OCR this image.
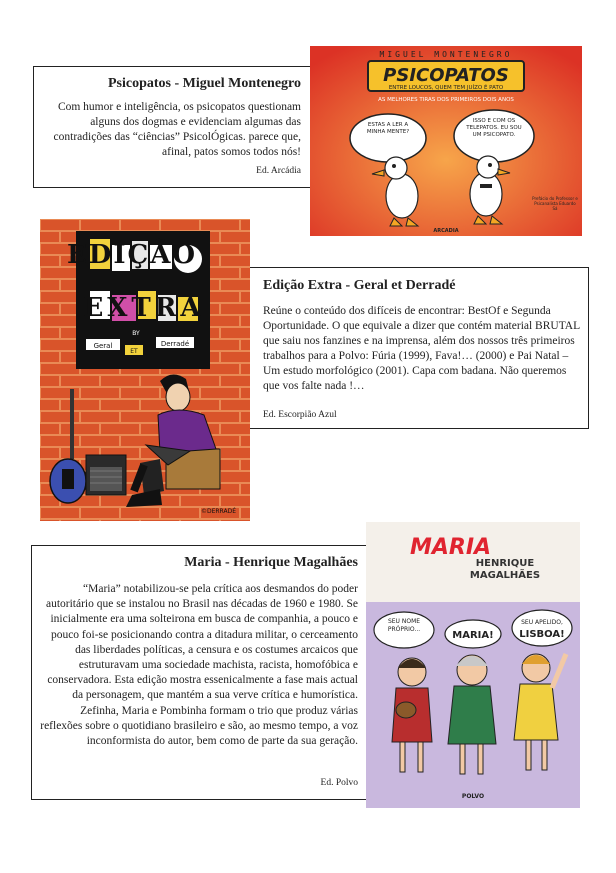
Psicopatos - Miguel Montenegro
Com humor e inteligência, os psicopatos questionam alguns dos dogmas e evidenciam algumas das contradições das “ciências” PsicolÓgicas. parece que, afinal, patos somos todos nós!
Ed. Arcádia
MIGUEL MONTENEGRO
PSICOPATOS
ENTRE LOUCOS, QUEM TEM JUÍZO É PATO
AS MELHORES TIRAS DOS PRIMEIROS DOIS ANOS
ESTÁS A LER A MINHA MENTE?
ISSO E COM OS TELEPATOS. EU SOU UM PSICOPATO.
Prefácio do Professor e Psicanalista Eduardo Sá
ARCADIA
Edição Extra - Geral et Derradé
Reúne o conteúdo dos difíceis de encontrar: BestOf e Segunda Oportunidade. O que equivale a dizer que contém material BRUTAL que saiu nos fanzines e na imprensa, além dos nossos três primeiros trabalhos para a Polvo: Fúria (1999), Fava!… (2000) e Pai Natal – Um estudo morfológico (2001). Capa com badana. Não queremos que vos falte nada !…
Ed. Escorpião Azul
EDIÇÃO
EXTRA
BY
Geral
ET
Derradé
©DERRADÉ
Maria - Henrique Magalhães
“Maria” notabilizou-se pela crítica aos desmandos do poder autoritário que se instalou no Brasil nas décadas de 1960 e 1980. Se inicialmente era uma solteirona em busca de companhia, a pouco e pouco foi-se posicionando contra a ditadura militar, o cerceamento das liberdades políticas, a censura e os costumes arcaicos que estruturavam uma sociedade machista, racista, homofóbica e conservadora. Esta edição mostra essenicalmente a fase mais actual da personagem, que mantém a sua verve crítica e humorística. Zefinha, Maria e Pombinha formam o trio que produz várias reflexões sobre o quotidiano brasileiro e são, ao mesmo tempo, a voz inconformista do autor, bem como de parte da sua geração.
Ed. Polvo
MARIA
HENRIQUE MAGALHÃES
SEU NOME PRÓPRIO...
MARIA!
SEU APELIDO,
LISBOA!
POLVO
